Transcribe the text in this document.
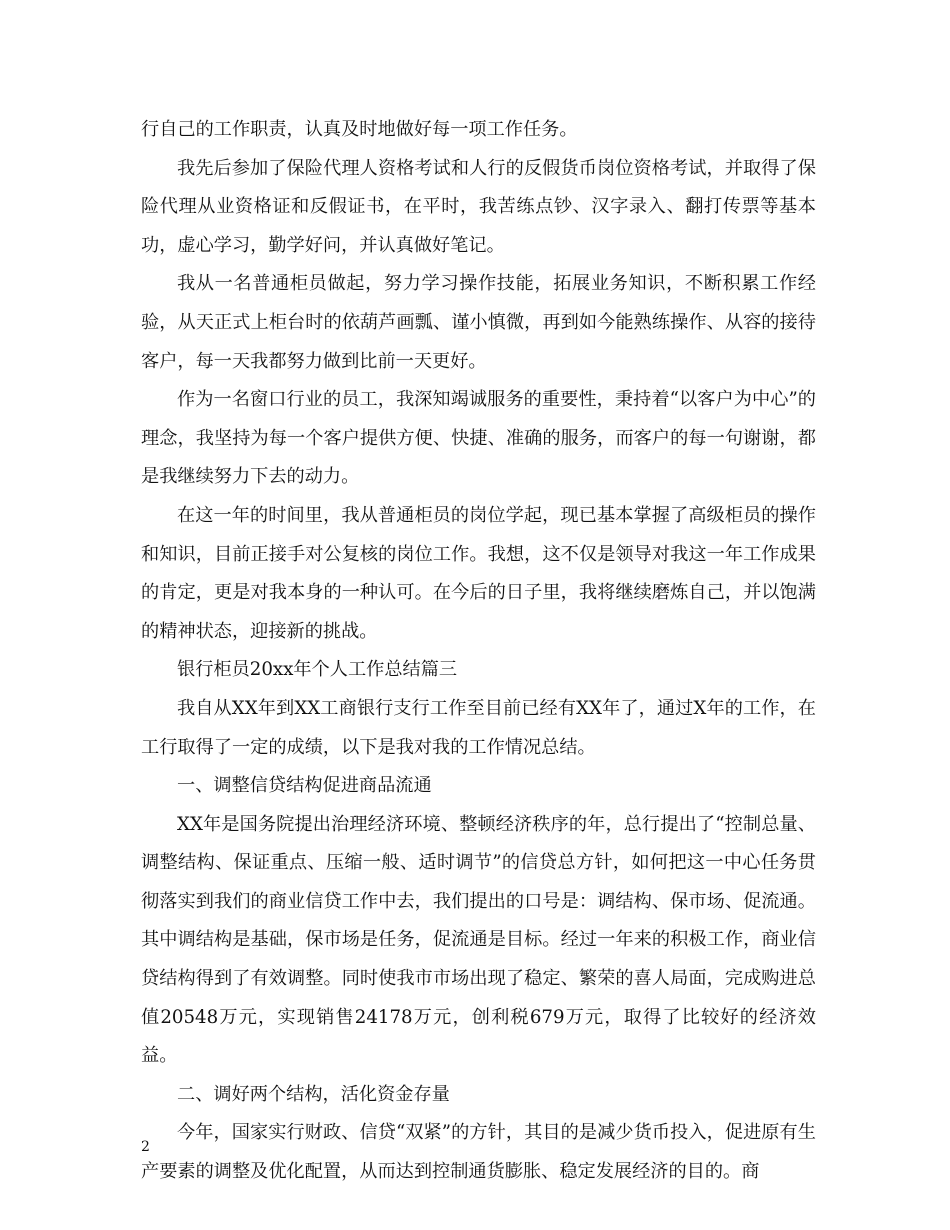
行自己的工作职责，认真及时地做好每一项工作任务。

我先后参加了保险代理人资格考试和人行的反假货币岗位资格考试，并取得了保险代理从业资格证和反假证书，在平时，我苦练点钞、汉字录入、翻打传票等基本功，虚心学习，勤学好问，并认真做好笔记。

我从一名普通柜员做起，努力学习操作技能，拓展业务知识，不断积累工作经验，从天正式上柜台时的依葫芦画瓢、谨小慎微，再到如今能熟练操作、从容的接待客户，每一天我都努力做到比前一天更好。

作为一名窗口行业的员工，我深知竭诚服务的重要性，秉持着“以客户为中心”的理念，我坚持为每一个客户提供方便、快捷、准确的服务，而客户的每一句谢谢，都是我继续努力下去的动力。

在这一年的时间里，我从普通柜员的岗位学起，现已基本掌握了高级柜员的操作和知识，目前正接手对公复核的岗位工作。我想，这不仅是领导对我这一年工作成果的肯定，更是对我本身的一种认可。在今后的日子里，我将继续磨炼自己，并以饱满的精神状态，迎接新的挑战。

银行柜员20xx年个人工作总结篇三

我自从XX年到XX工商银行支行工作至目前已经有XX年了，通过X年的工作，在工行取得了一定的成绩，以下是我对我的工作情况总结。

一、调整信贷结构促进商品流通

XX年是国务院提出治理经济环境、整顿经济秩序的年，总行提出了“控制总量、调整结构、保证重点、压缩一般、适时调节”的信贷总方针，如何把这一中心任务贯彻落实到我们的商业信贷工作中去，我们提出的口号是：调结构、保市场、促流通。其中调结构是基础，保市场是任务，促流通是目标。经过一年来的积极工作，商业信贷结构得到了有效调整。同时使我市市场出现了稳定、繁荣的喜人局面，完成购进总值20548万元，实现销售24178万元，创利税679万元，取得了比较好的经济效益。

二、调好两个结构，活化资金存量

今年，国家实行财政、信贷“双紧”的方针，其目的是减少货币投入，促进原有生产要素的调整及优化配置，从而达到控制通货膨胀、稳定发展经济的目的。商

2
